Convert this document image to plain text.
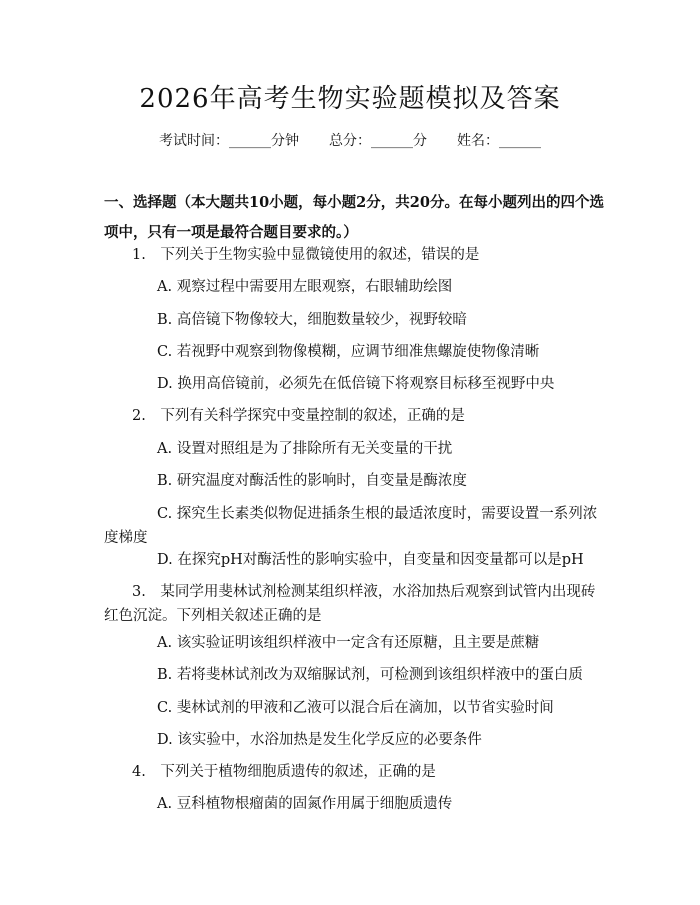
2026年高考生物实验题模拟及答案
考试时间：______分钟 总分：______分 姓名：______
一、选择题（本大题共10小题，每小题2分，共20分。在每小题列出的四个选项中，只有一项是最符合题目要求的。）
1.　下列关于生物实验中显微镜使用的叙述，错误的是
A. 观察过程中需要用左眼观察，右眼辅助绘图
B. 高倍镜下物像较大，细胞数量较少，视野较暗
C. 若视野中观察到物像模糊，应调节细准焦螺旋使物像清晰
D. 换用高倍镜前，必须先在低倍镜下将观察目标移至视野中央
2.　下列有关科学探究中变量控制的叙述，正确的是
A. 设置对照组是为了排除所有无关变量的干扰
B. 研究温度对酶活性的影响时，自变量是酶浓度
C. 探究生长素类似物促进插条生根的最适浓度时，需要设置一系列浓度梯度
D. 在探究pH对酶活性的影响实验中，自变量和因变量都可以是pH
3.　某同学用斐林试剂检测某组织样液，水浴加热后观察到试管内出现砖红色沉淀。下列相关叙述正确的是
A. 该实验证明该组织样液中一定含有还原糖，且主要是蔗糖
B. 若将斐林试剂改为双缩脲试剂，可检测到该组织样液中的蛋白质
C. 斐林试剂的甲液和乙液可以混合后在滴加，以节省实验时间
D. 该实验中，水浴加热是发生化学反应的必要条件
4.　下列关于植物细胞质遗传的叙述，正确的是
A. 豆科植物根瘤菌的固氮作用属于细胞质遗传
